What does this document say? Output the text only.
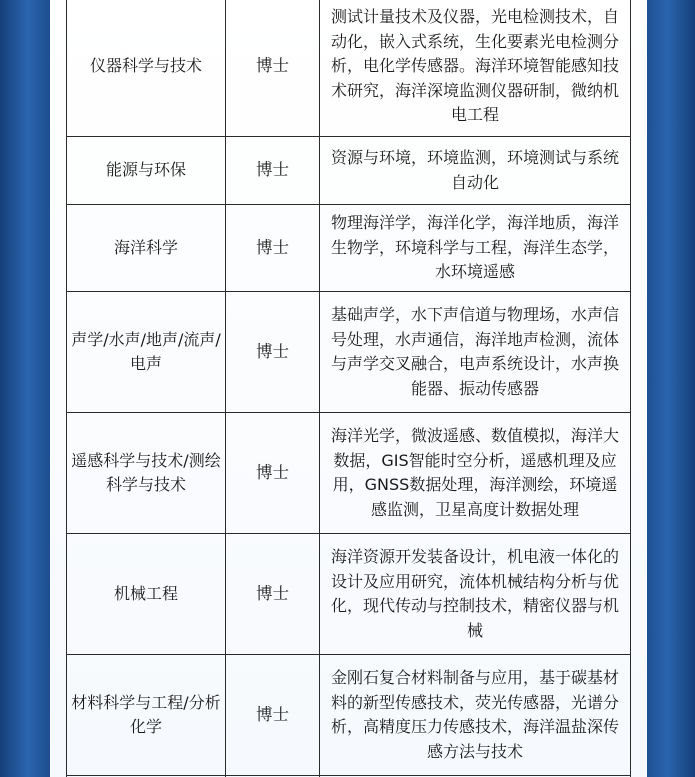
仪器科学与技术	博士	测试计量技术及仪器，光电检测技术，自动化，嵌入式系统，生化要素光电检测分析，电化学传感器。海洋环境智能感知技术研究，海洋深境监测仪器研制，微纳机电工程
能源与环保	博士	资源与环境，环境监测，环境测试与系统自动化
海洋科学	博士	物理海洋学，海洋化学，海洋地质，海洋生物学，环境科学与工程，海洋生态学，水环境遥感
声学/水声/地声/流声/电声	博士	基础声学，水下声信道与物理场，水声信号处理，水声通信，海洋地声检测，流体与声学交叉融合，电声系统设计，水声换能器、振动传感器
遥感科学与技术/测绘科学与技术	博士	海洋光学，微波遥感、数值模拟，海洋大数据，GIS智能时空分析，遥感机理及应用，GNSS数据处理，海洋测绘，环境遥感监测，卫星高度计数据处理
机械工程	博士	海洋资源开发装备设计，机电液一体化的设计及应用研究，流体机械结构分析与优化，现代传动与控制技术，精密仪器与机械
材料科学与工程/分析化学	博士	金刚石复合材料制备与应用，基于碳基材料的新型传感技术，荧光传感器，光谱分析，高精度压力传感技术，海洋温盐深传感方法与技术
